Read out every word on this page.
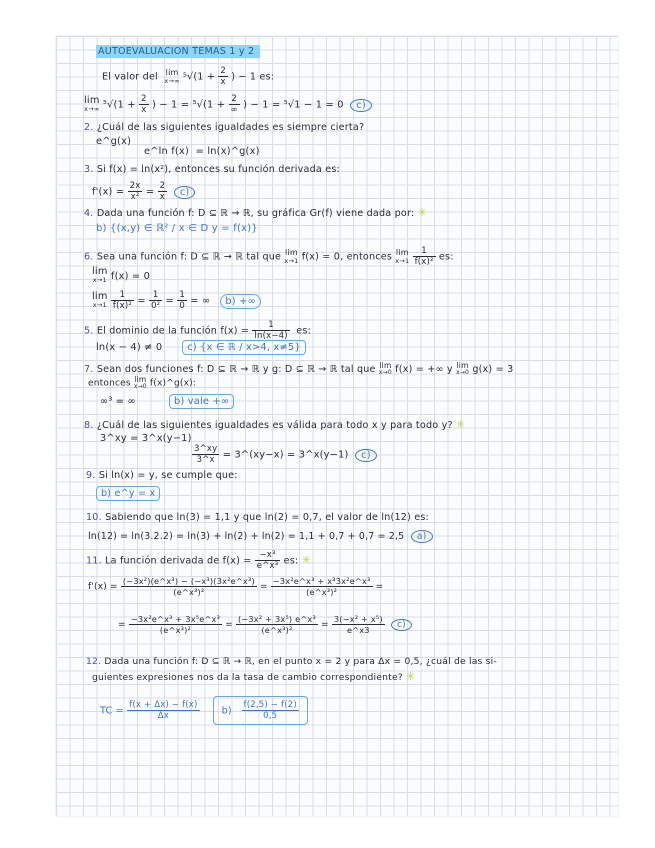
AUTOEVALUACION TEMAS 1 y 2
El valor del lim
x→∞ $^5√(1 + \frac{2}{x}$ ) − 1 es:
lim
x→∞ $^5√(1 + \frac{2}{x}$ ) − $1 = ^5√(1 + \frac{2}{\infty}$ ) − 1 = ⁵√1 − 1 = 0 c)
2. ¿Cuál de las siguientes igualdades es siempre cierta?
e^g(x)
e^ln f(x) = ln(x)^g(x)
3. Si f(x) = ln(x²), entonces su función derivada es:
$f'(x) = \frac{2x}{\text{x²}} = \frac{2}{x} c$)
4. Dada una función f: D ⊆ ℝ → ℝ, su gráfica Gr(f) viene dada por: ✳
b) {(x,y) ∈ ℝ² / x ∈ D y = f(x)}
6. Sea una función f: D ⊆ ℝ → ℝ tal que lim
x→1 f(x) = 0, entonces lim
x→1
$\frac{1}{\text{f(x)²}}$ es:
lim
x→1 f(x) = 0
lim
x→1
$\frac{1}{\text{f(x)²}} = \frac{1}{\text{0²}} = \frac{1}{0}$ = ∞ b) +∞
5. El dominio de la función $f(x) = \frac{1}{\ln(x-4)}$ es:
ln(x − 4) ≠ 0	c) {x ∈ ℝ / x>4, x≠5}
7. Sean dos funciones f: D ⊆ ℝ → ℝ y g: D ⊆ ℝ → ℝ tal que lim
x→0 f(x) = +∞ y lim
x→0 g(x) = 3
entonces lim
x→0 f(x)^g(x):
∞³ = ∞	b) vale +∞
8. ¿Cuál de las siguientes igualdades es válida para todo x y para todo y? ✳
3^xy = 3^x(y−1)
$\frac{3\^{}xy}{3\^{}x}$ = 3^(xy−x) = 3^x(y−1) c)
9. Si ln(x) = y, se cumple que:
b) e^y = x
10. Sabiendo que ln(3) = 1,1 y que ln(2) = 0,7, el valor de ln(12) es:
ln(12) = ln(3.2.2) = ln(3) + ln(2) + ln(2) = 1,1 + 0,7 + 0,7 = 2,5 a)
11. La función derivada de $f(x) = \frac{\text{−x³}}{\text{e\textasciicircum{}x³}}$ es: ✳
$f'(x) = \frac{\text{(−3x²)(e\textasciicircum{}x³) − (−x³)(3x²e\textasciicircum{}x³)}}{\text{(e\textasciicircum{}x³)²}} = \frac{\text{−3x²e\textasciicircum{}x³ + x³3x²e\textasciicircum{}x³}}{\text{(e\textasciicircum{}x³)²}}$ =
= $\frac{\text{−3x²e\textasciicircum{}x³ + 3x⁵e\textasciicircum{}x³}}{\text{(e\textasciicircum{}x³)²}} = \frac{\text{(−3x² + 3x⁵) e\textasciicircum{}x³}}{\text{(e\textasciicircum{}x³)²}} = \frac{\text{3(−x² + x⁵)}}{e\^{}x3} c$)
12. Dada una función f: D ⊆ ℝ → ℝ, en el punto x = 2 y para Δx = 0,5, ¿cuál de las si-
guientes expresiones nos da la tasa de cambio correspondiente? ✳
TC = $\frac{f(x + \Delta x) - f(x)}{\Delta x} b) \frac{f(2,5) - f(2)}{0,5}$
